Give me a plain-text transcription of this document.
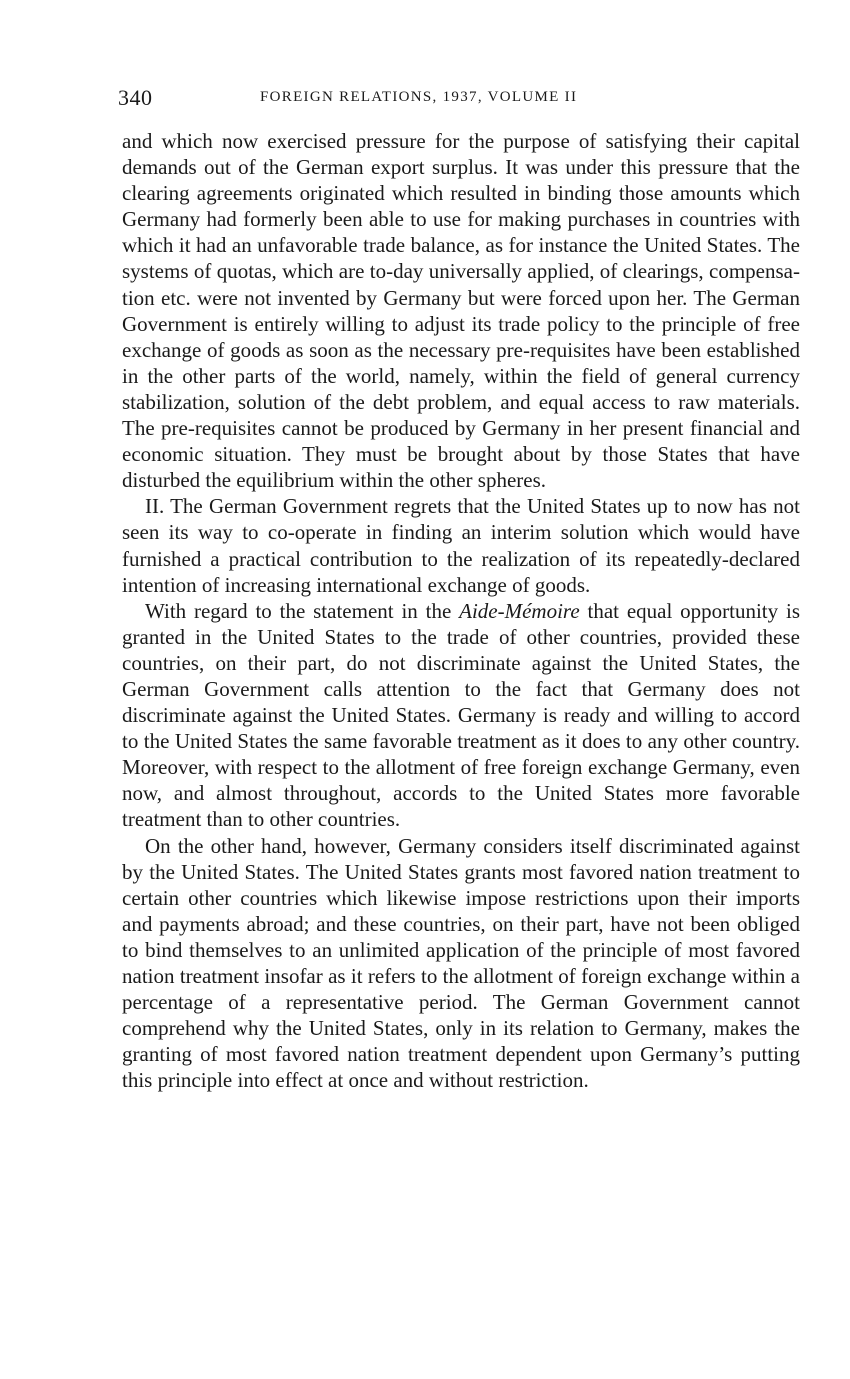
340	FOREIGN RELATIONS, 1937, VOLUME II

and which now exercised pressure for the purpose of satisfying their capital demands out of the German export surplus. It was under this pressure that the clearing agreements originated which resulted in binding those amounts which Germany had formerly been able to use for making purchases in countries with which it had an unfavorable trade balance, as for instance the United States. The systems of quotas, which are to-day universally applied, of clearings, compensation etc. were not invented by Germany but were forced upon her. The German Government is entirely willing to adjust its trade policy to the principle of free exchange of goods as soon as the necessary pre-requisites have been established in the other parts of the world, namely, within the field of general currency stabilization, solution of the debt problem, and equal access to raw materials. The pre-requisites cannot be produced by Germany in her present financial and economic situation. They must be brought about by those States that have disturbed the equilibrium within the other spheres.

II. The German Government regrets that the United States up to now has not seen its way to co-operate in finding an interim solution which would have furnished a practical contribution to the realization of its repeatedly-declared intention of increasing international exchange of goods.

With regard to the statement in the Aide-Mémoire that equal opportunity is granted in the United States to the trade of other countries, provided these countries, on their part, do not discriminate against the United States, the German Government calls attention to the fact that Germany does not discriminate against the United States. Germany is ready and willing to accord to the United States the same favorable treatment as it does to any other country. Moreover, with respect to the allotment of free foreign exchange Germany, even now, and almost throughout, accords to the United States more favorable treatment than to other countries.

On the other hand, however, Germany considers itself discriminated against by the United States. The United States grants most favored nation treatment to certain other countries which likewise impose restrictions upon their imports and payments abroad; and these countries, on their part, have not been obliged to bind themselves to an unlimited application of the principle of most favored nation treatment insofar as it refers to the allotment of foreign exchange within a percentage of a representative period. The German Government cannot comprehend why the United States, only in its relation to Germany, makes the granting of most favored nation treatment dependent upon Germany’s putting this principle into effect at once and without restriction.
